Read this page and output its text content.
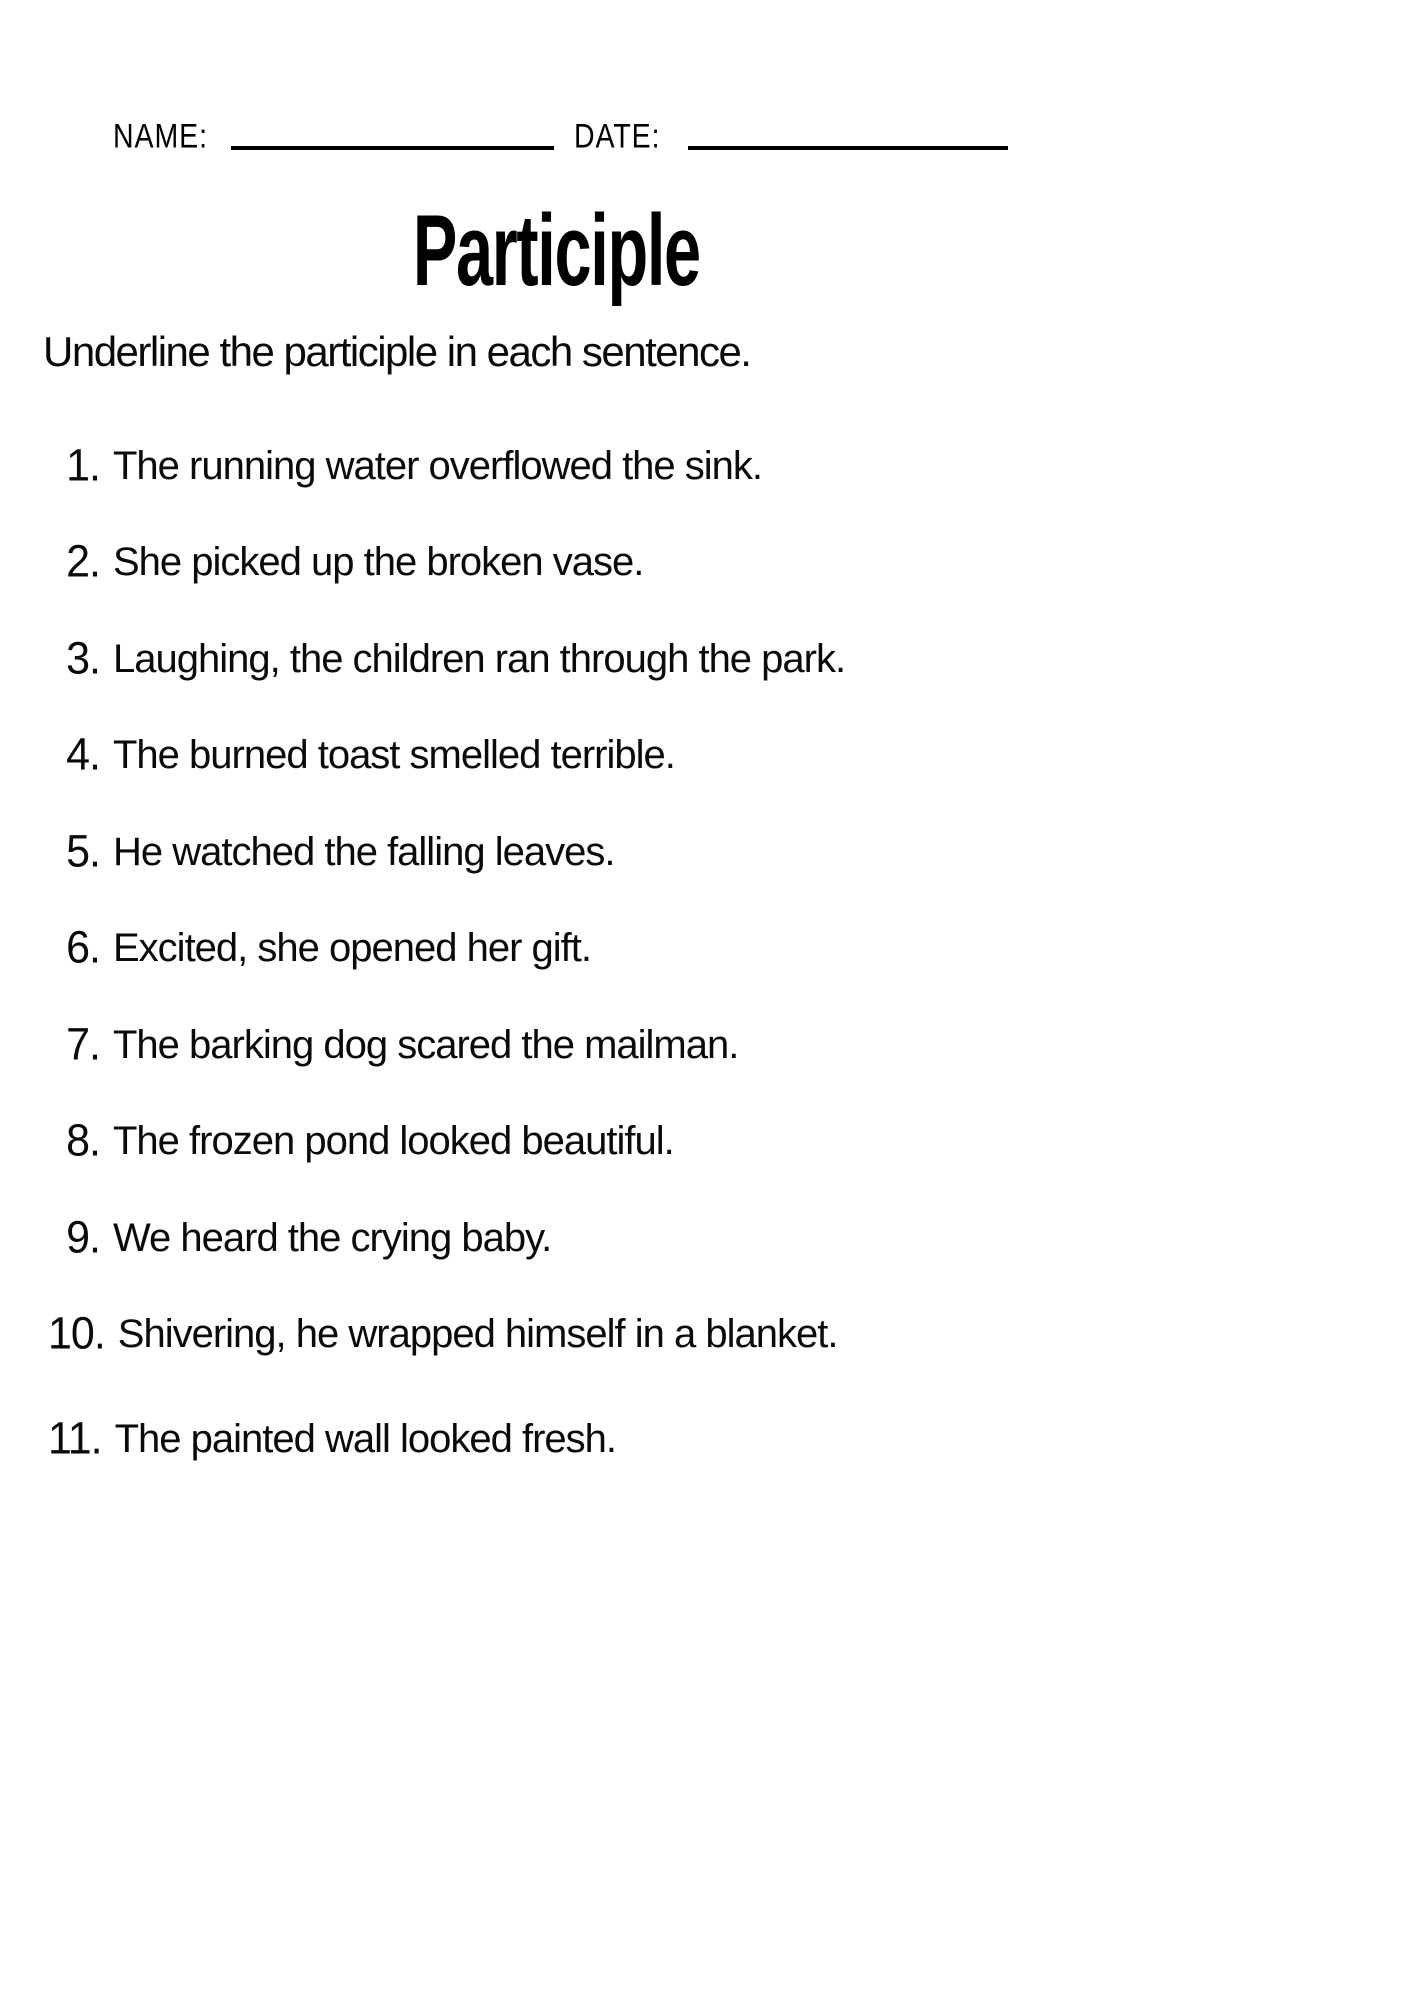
NAME:	DATE:
Participle
Underline the participle in each sentence.
1. The running water overflowed the sink.
2. She picked up the broken vase.
3. Laughing, the children ran through the park.
4. The burned toast smelled terrible.
5. He watched the falling leaves.
6. Excited, she opened her gift.
7. The barking dog scared the mailman.
8. The frozen pond looked beautiful.
9. We heard the crying baby.
10. Shivering, he wrapped himself in a blanket.
11. The painted wall looked fresh.
